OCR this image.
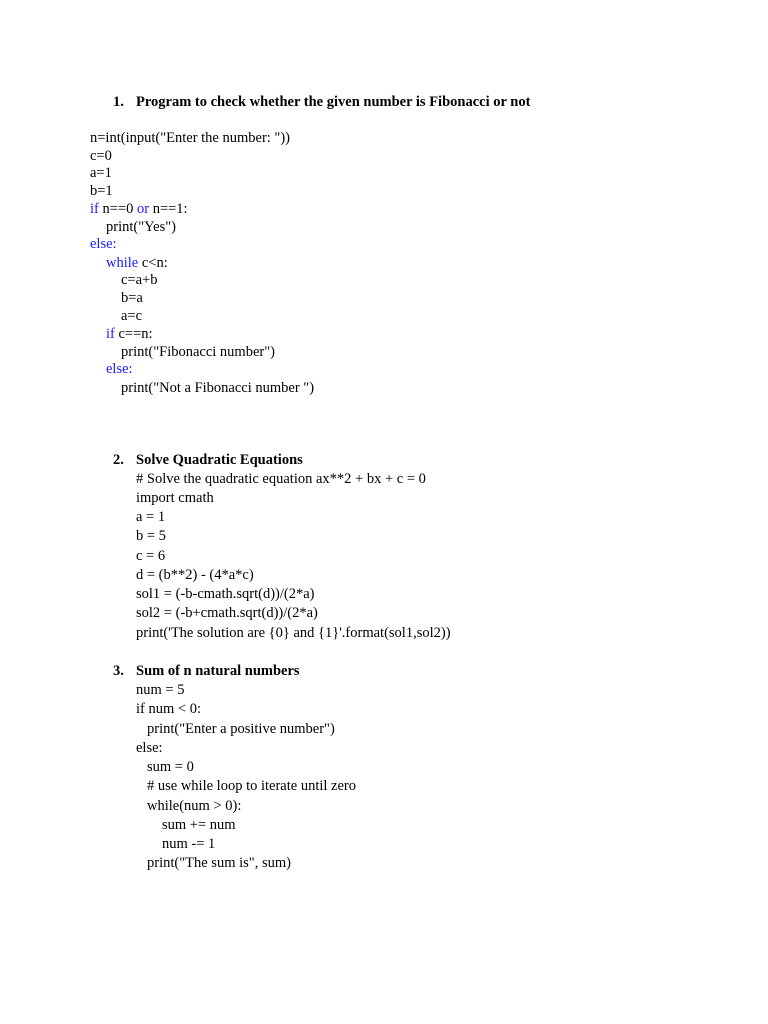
1. Program to check whether the given number is Fibonacci or not
n=int(input("Enter the number: "))
c=0
a=1
b=1
if n==0 or n==1:
print("Yes")
else:
while c<n:
c=a+b
b=a
a=c
if c==n:
print("Fibonacci number")
else:
print("Not a Fibonacci number ")
2. Solve Quadratic Equations
# Solve the quadratic equation ax**2 + bx + c = 0
import cmath
a = 1
b = 5
c = 6
d = (b**2) - (4*a*c)
sol1 = (-b-cmath.sqrt(d))/(2*a)
sol2 = (-b+cmath.sqrt(d))/(2*a)
print('The solution are {0} and {1}'.format(sol1,sol2))
3. Sum of n natural numbers
num = 5
if num < 0:
print("Enter a positive number")
else:
sum = 0
# use while loop to iterate until zero
while(num > 0):
sum += num
num -= 1
print("The sum is", sum)
